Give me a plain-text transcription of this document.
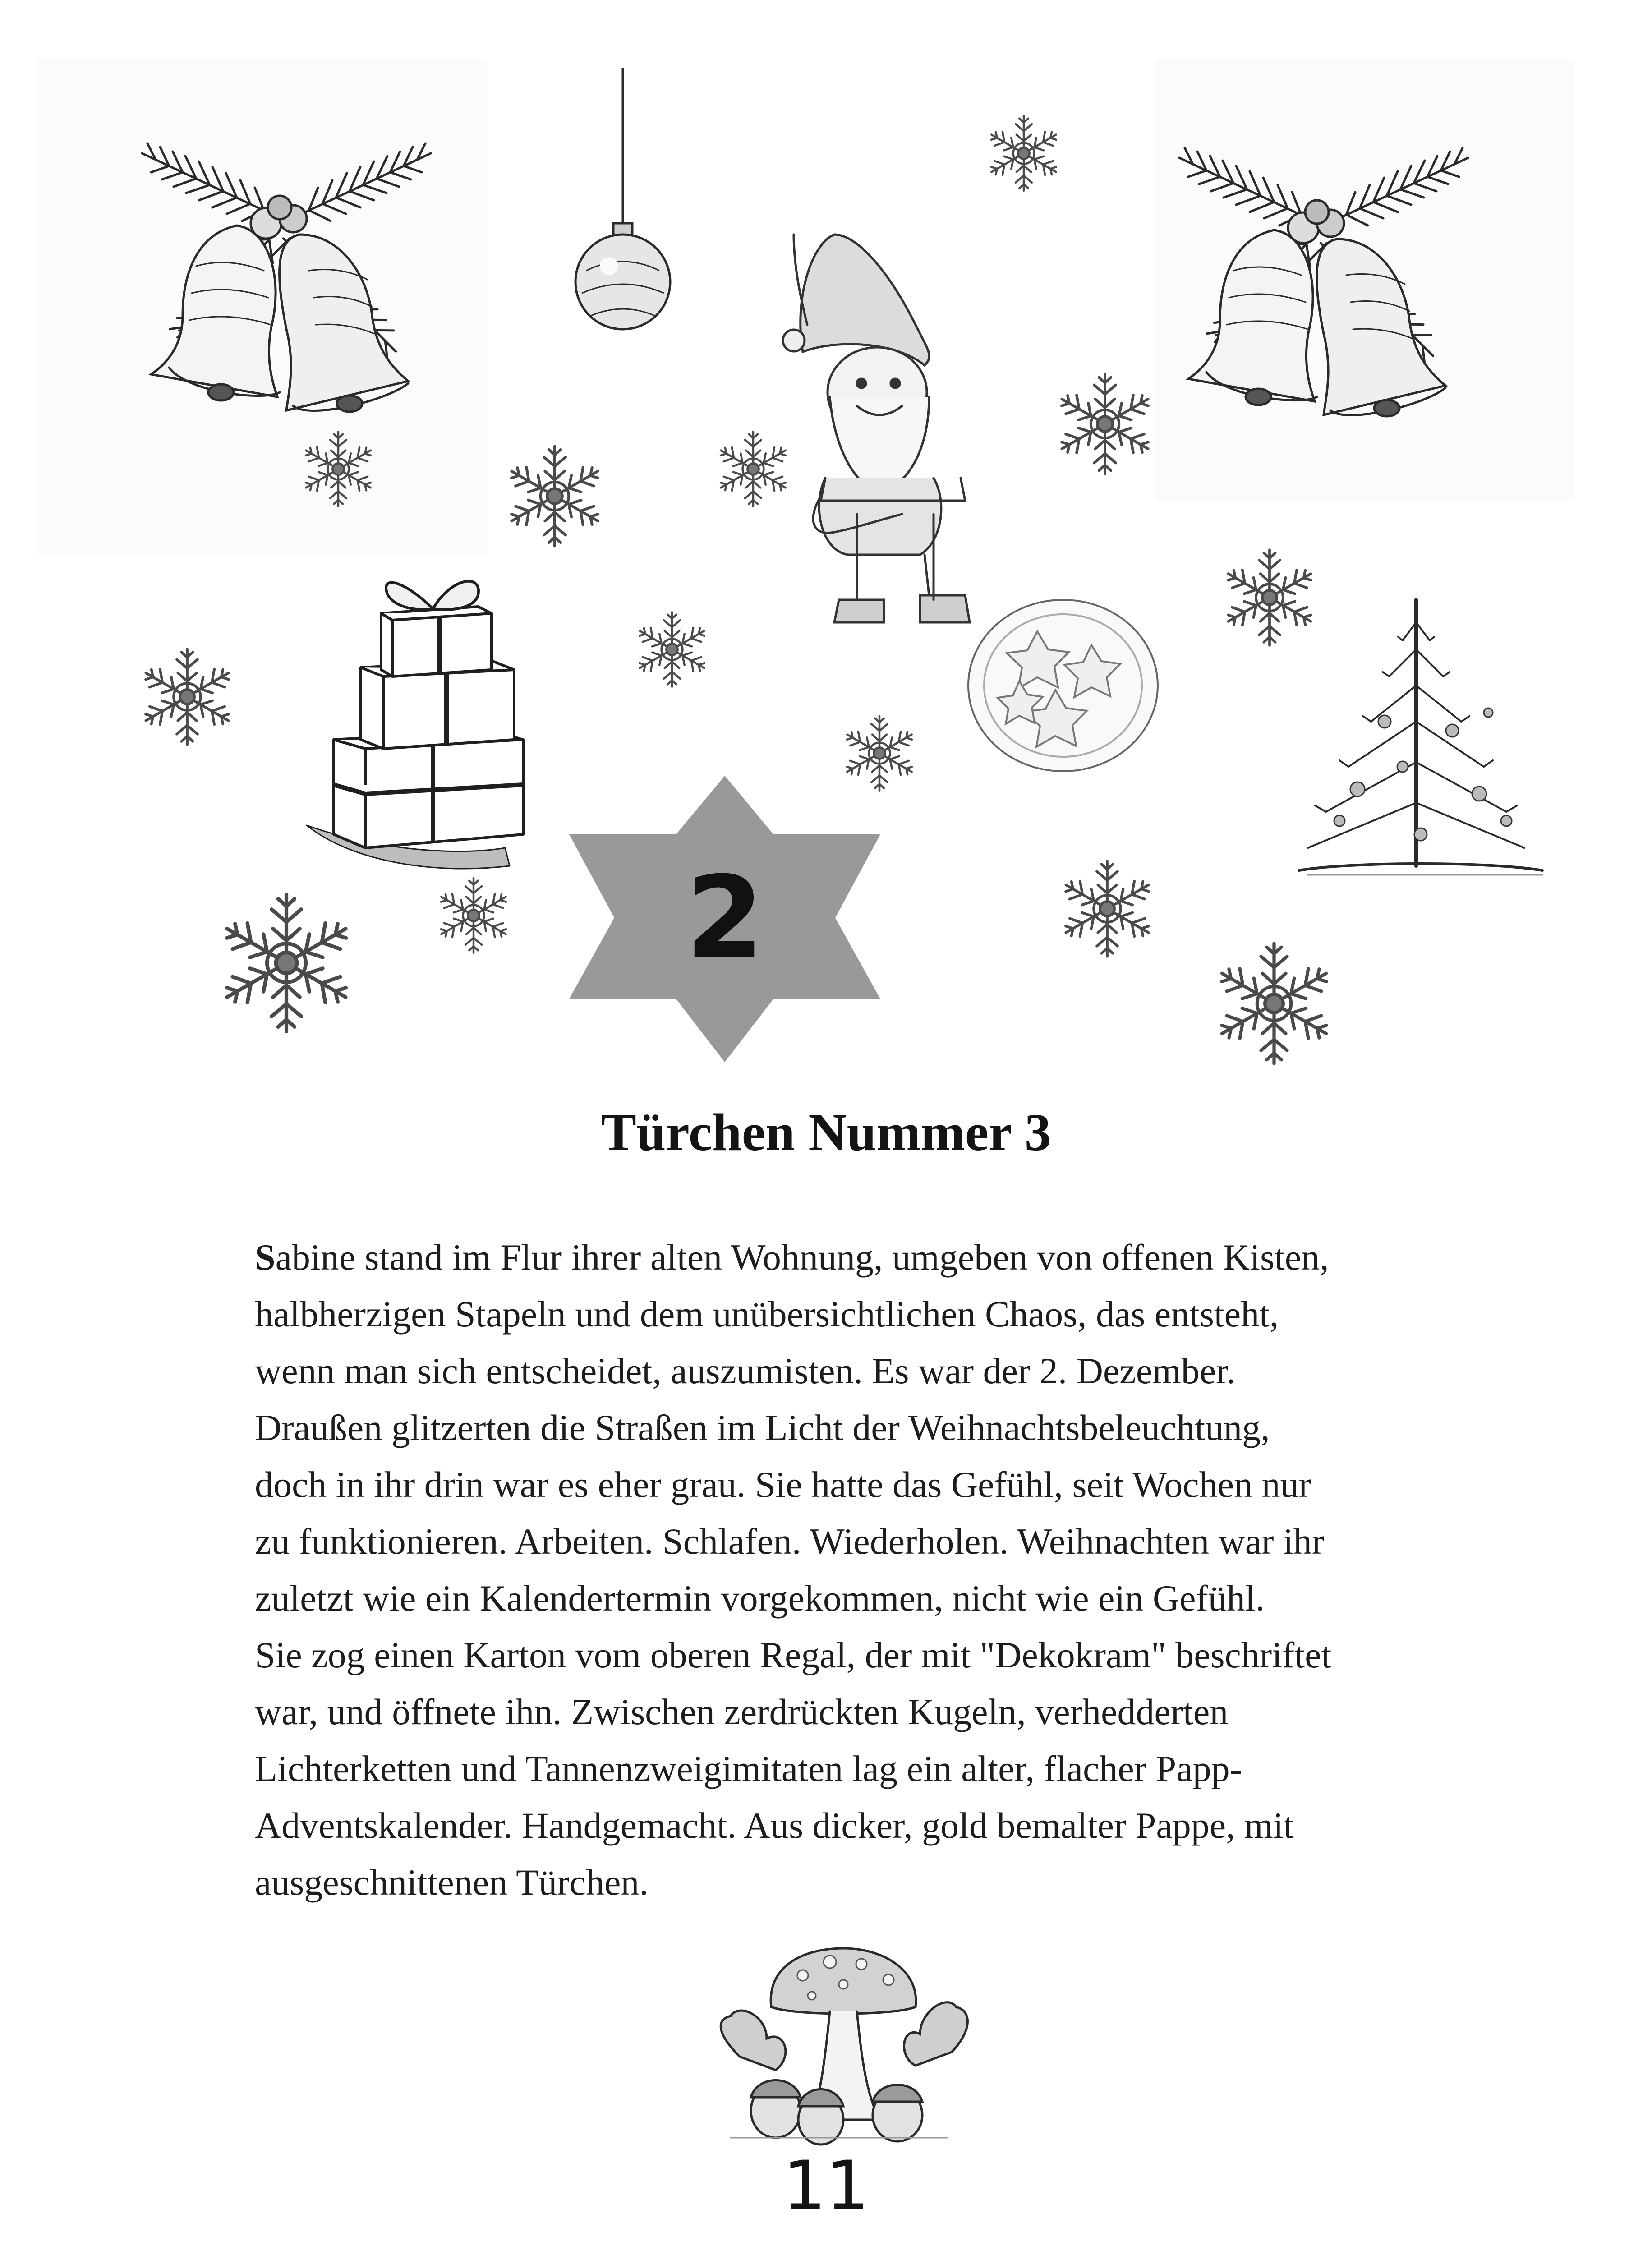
2
Türchen Nummer 3

Sabine stand im Flur ihrer alten Wohnung, umgeben von offenen Kisten,

halbherzigen Stapeln und dem unübersichtlichen Chaos, das entsteht,

wenn man sich entscheidet, auszumisten. Es war der 2. Dezember.

Draußen glitzerten die Straßen im Licht der Weihnachtsbeleuchtung,

doch in ihr drin war es eher grau. Sie hatte das Gefühl, seit Wochen nur

zu funktionieren. Arbeiten. Schlafen. Wiederholen. Weihnachten war ihr

zuletzt wie ein Kalendertermin vorgekommen, nicht wie ein Gefühl.

Sie zog einen Karton vom oberen Regal, der mit "Dekokram" beschriftet

war, und öffnete ihn. Zwischen zerdrückten Kugeln, verhedderten

Lichterketten und Tannenzweigimitaten lag ein alter, flacher Papp-

Adventskalender. Handgemacht. Aus dicker, gold bemalter Pappe, mit

ausgeschnittenen Türchen.

11
